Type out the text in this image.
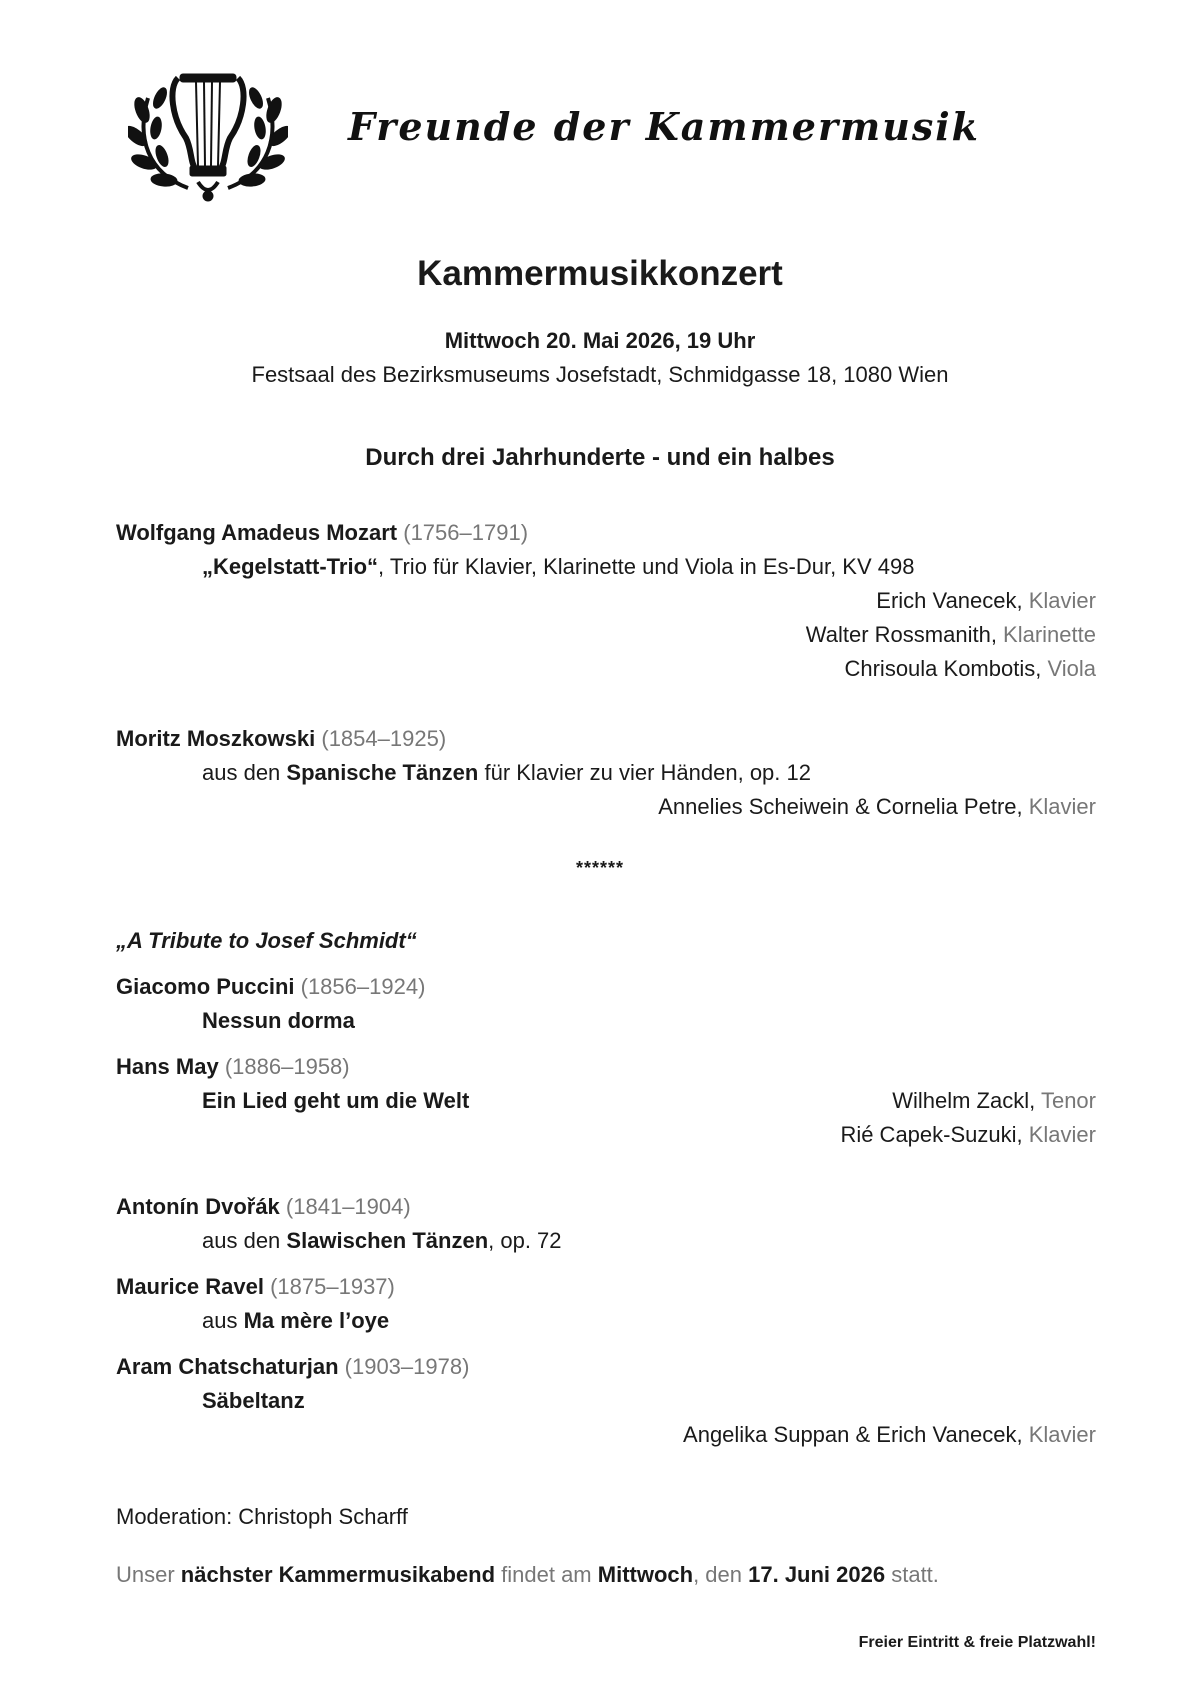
Freunde der Kammermusik
Kammermusikkonzert
Mittwoch 20. Mai 2026, 19 Uhr
Festsaal des Bezirksmuseums Josefstadt, Schmidgasse 18, 1080 Wien
Durch drei Jahrhunderte - und ein halbes
Wolfgang Amadeus Mozart (1756–1791)
„Kegelstatt-Trio“, Trio für Klavier, Klarinette und Viola in Es-Dur, KV 498
Erich Vanecek, Klavier
Walter Rossmanith, Klarinette
Chrisoula Kombotis, Viola
Moritz Moszkowski (1854–1925)
aus den Spanische Tänzen für Klavier zu vier Händen, op. 12
Annelies Scheiwein & Cornelia Petre, Klavier
******
„A Tribute to Josef Schmidt“
Giacomo Puccini (1856–1924)
Nessun dorma
Hans May (1886–1958)
Ein Lied geht um die Welt	Wilhelm Zackl, Tenor
Rié Capek-Suzuki, Klavier
Antonín Dvořák (1841–1904)
aus den Slawischen Tänzen, op. 72
Maurice Ravel (1875–1937)
aus Ma mère l’oye
Aram Chatschaturjan (1903–1978)
Säbeltanz
Angelika Suppan & Erich Vanecek, Klavier
Moderation: Christoph Scharff
Unser nächster Kammermusikabend findet am Mittwoch, den 17. Juni 2026 statt.
Freier Eintritt & freie Platzwahl!
